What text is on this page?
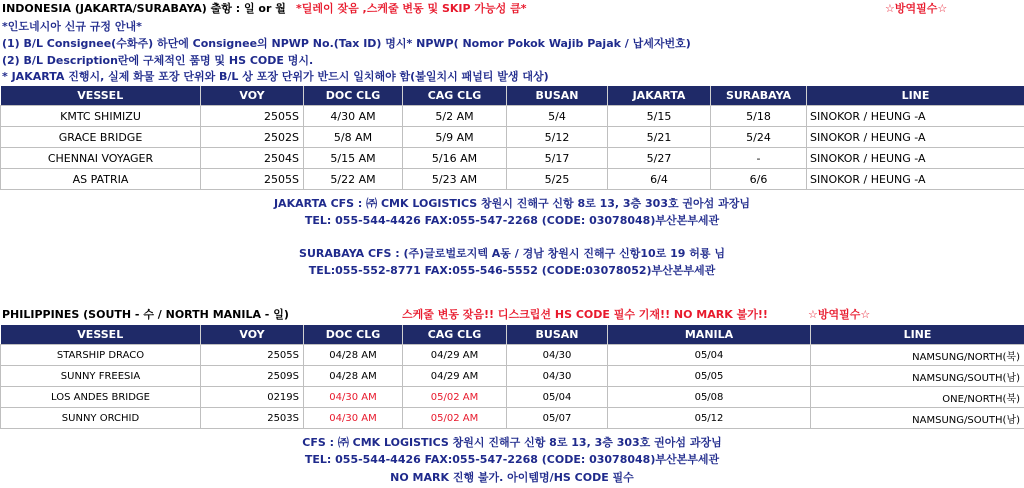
INDONESIA (JAKARTA/SURABAYA) 출항 : 일 or 월 *딜레이 잦음 ,스케줄 변동 및 SKIP 가능성 큼*	☆방역필수☆
*인도네시아 신규 규정 안내*
(1) B/L Consignee(수화주) 하단에 Consignee의 NPWP No.(Tax ID) 명시* NPWP( Nomor Pokok Wajib Pajak / 납세자번호)
(2) B/L Description란에 구체적인 품명 및 HS CODE 명시.
* JAKARTA 진행시, 실제 화물 포장 단위와 B/L 상 포장 단위가 반드시 일치해야 함(불일치시 패널티 발생 대상)
VESSEL	VOY	DOC CLG	CAG CLG	BUSAN	JAKARTA	SURABAYA	LINE
KMTC SHIMIZU	2505S	4/30 AM	5/2 AM	5/4	5/15	5/18	SINOKOR / HEUNG -A
GRACE BRIDGE	2502S	5/8 AM	5/9 AM	5/12	5/21	5/24	SINOKOR / HEUNG -A
CHENNAI VOYAGER	2504S	5/15 AM	5/16 AM	5/17	5/27	-	SINOKOR / HEUNG -A
AS PATRIA	2505S	5/22 AM	5/23 AM	5/25	6/4	6/6	SINOKOR / HEUNG -A
JAKARTA CFS : ㈜ CMK LOGISTICS 창원시 진해구 신항 8로 13, 3층 303호 권아섬 과장님
TEL: 055-544-4426 FAX:055-547-2268 (CODE: 03078048)부산본부세관
SURABAYA CFS : (주)글로벌로지텍 A동 / 경남 창원시 진해구 신항10로 19 허룡 님
TEL:055-552-8771 FAX:055-546-5552 (CODE:03078052)부산본부세관
PHILIPPINES (SOUTH - 수 / NORTH MANILA - 일)	스케줄 변동 잦음!! 디스크립션 HS CODE 필수 기재!! NO MARK 불가!!	☆방역필수☆
VESSEL	VOY	DOC CLG	CAG CLG	BUSAN	MANILA	LINE
STARSHIP DRACO	2505S	04/28 AM	04/29 AM	04/30	05/04	NAMSUNG/NORTH(북)
SUNNY FREESIA	2509S	04/28 AM	04/29 AM	04/30	05/05	NAMSUNG/SOUTH(남)
LOS ANDES BRIDGE	0219S	04/30 AM	05/02 AM	05/04	05/08	ONE/NORTH(북)
SUNNY ORCHID	2503S	04/30 AM	05/02 AM	05/07	05/12	NAMSUNG/SOUTH(남)
CFS : ㈜ CMK LOGISTICS 창원시 진해구 신항 8로 13, 3층 303호 권아섬 과장님
TEL: 055-544-4426 FAX:055-547-2268 (CODE: 03078048)부산본부세관
NO MARK 진행 불가. 아이템명/HS CODE 필수
